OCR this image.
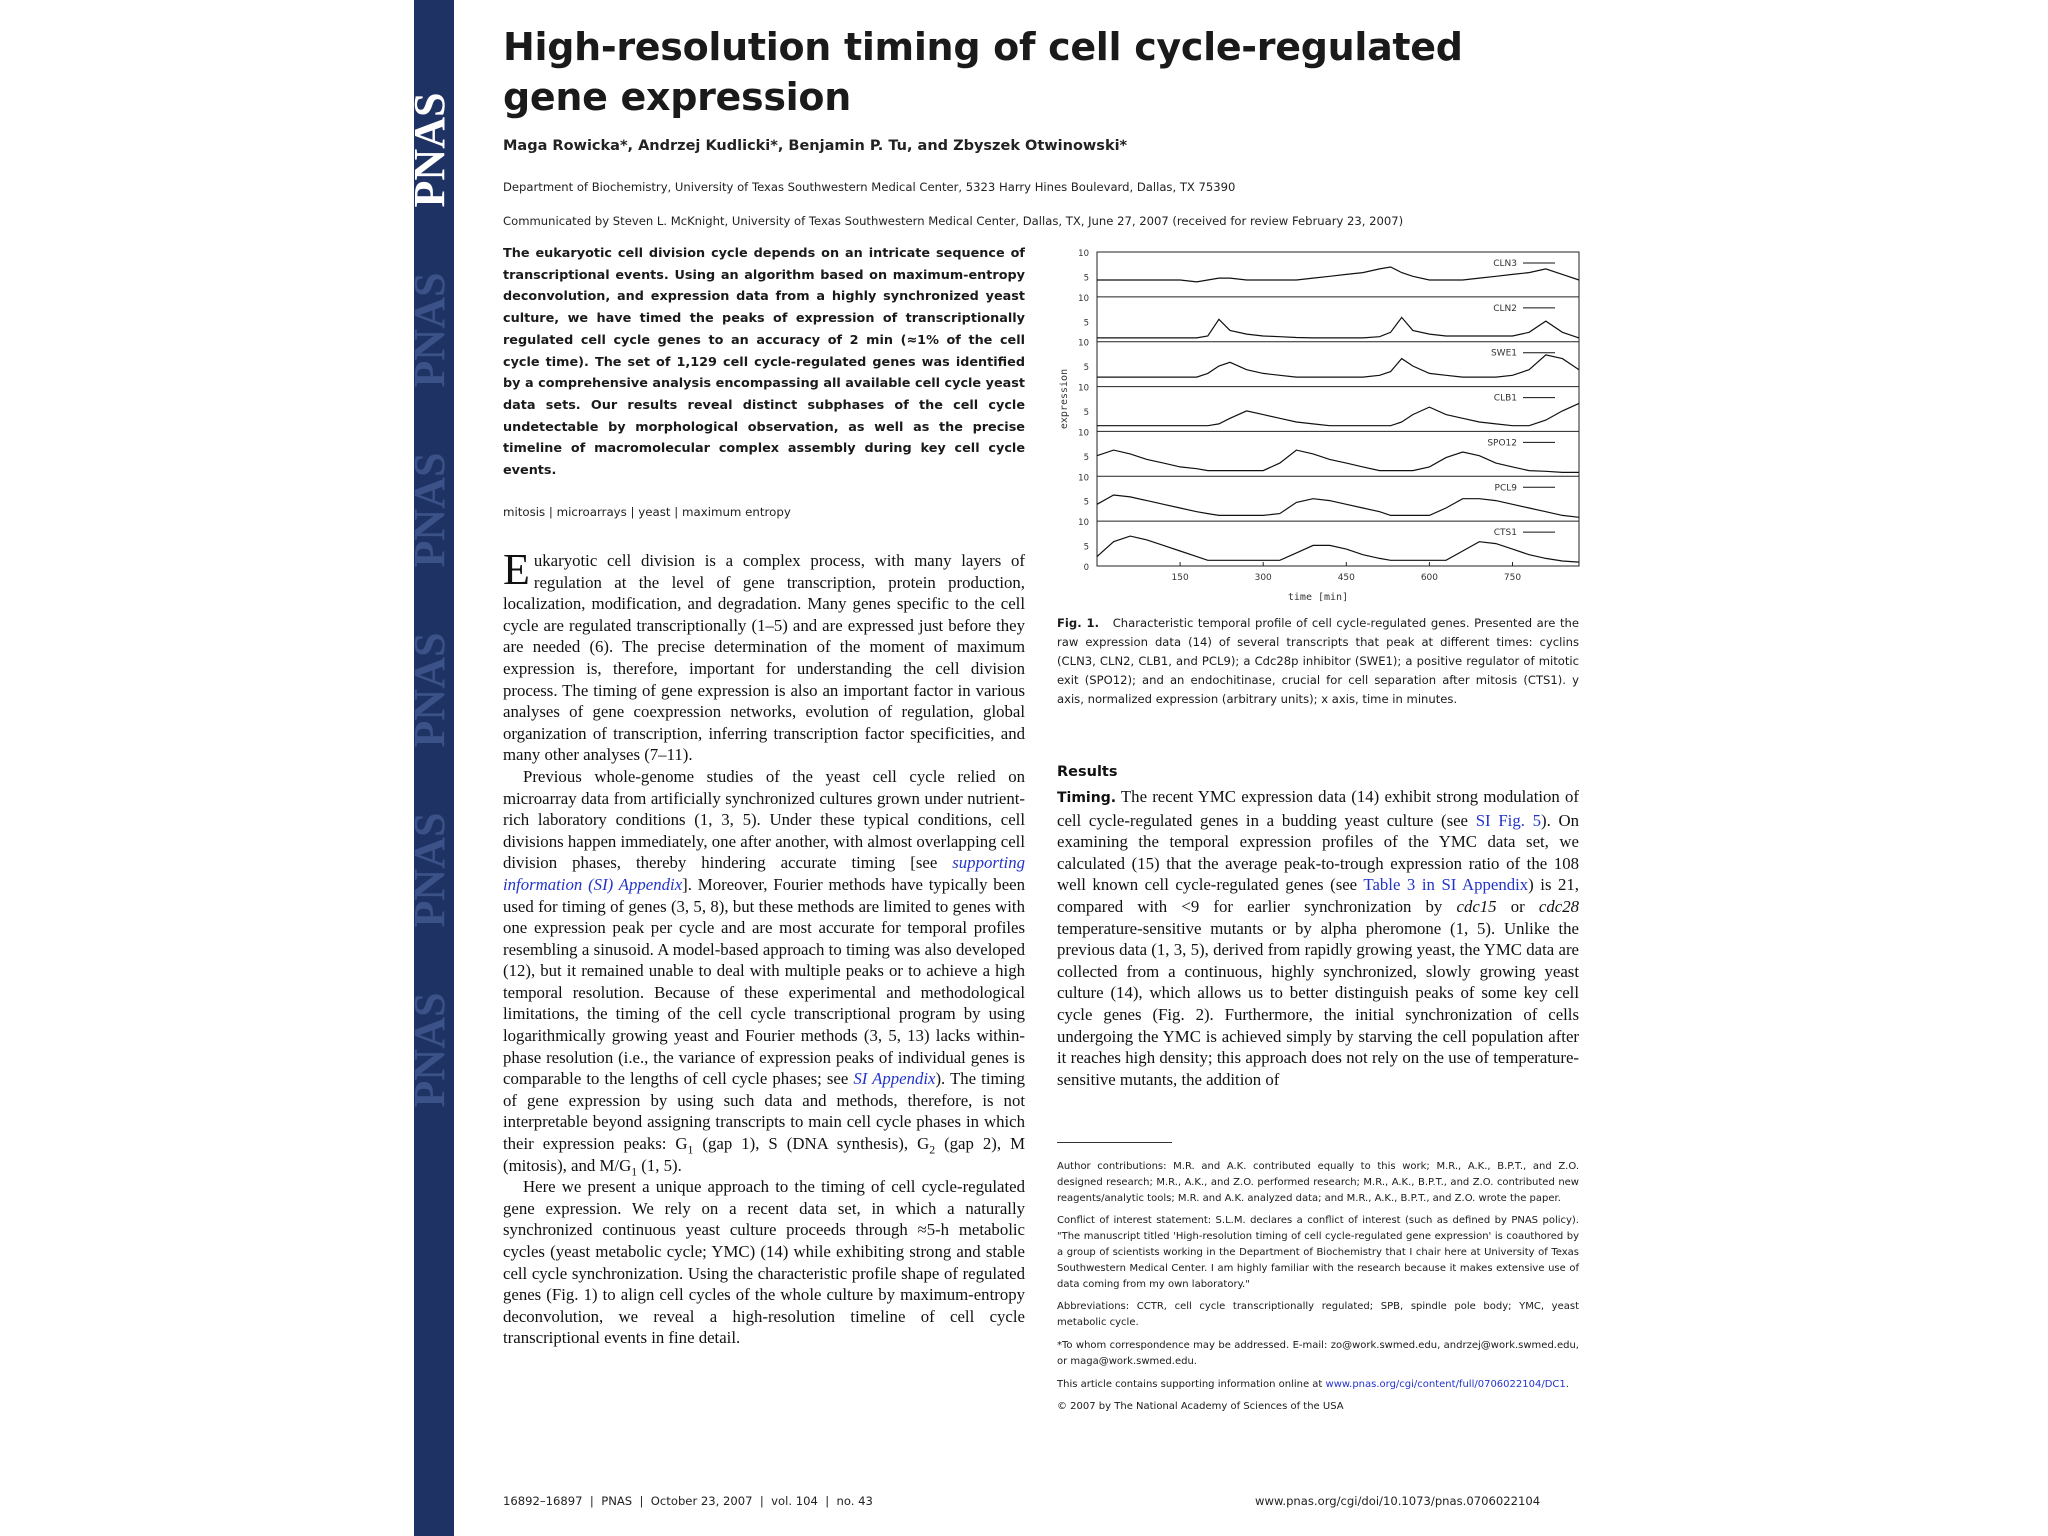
PNAS
PNAS
PNAS
PNAS
PNAS
PNAS
High-resolution timing of cell cycle-regulated
gene expression
Maga Rowicka*, Andrzej Kudlicki*, Benjamin P. Tu, and Zbyszek Otwinowski*
Department of Biochemistry, University of Texas Southwestern Medical Center, 5323 Harry Hines Boulevard, Dallas, TX 75390
Communicated by Steven L. McKnight, University of Texas Southwestern Medical Center, Dallas, TX, June 27, 2007 (received for review February 23, 2007)
The eukaryotic cell division cycle depends on an intricate sequence of transcriptional events. Using an algorithm based on maximum-entropy deconvolution, and expression data from a highly synchronized yeast culture, we have timed the peaks of expression of transcriptionally regulated cell cycle genes to an accuracy of 2 min (≈1% of the cell cycle time). The set of 1,129 cell cycle-regulated genes was identified by a comprehensive analysis encompassing all available cell cycle yeast data sets. Our results reveal distinct subphases of the cell cycle undetectable by morphological observation, as well as the precise timeline of macromolecular complex assembly during key cell cycle events.
mitosis | microarrays | yeast | maximum entropy

Eukaryotic cell division is a complex process, with many layers of regulation at the level of gene transcription, protein production, localization, modification, and degradation. Many genes specific to the cell cycle are regulated transcriptionally (1–5) and are expressed just before they are needed (6). The precise determination of the moment of maximum expression is, therefore, important for understanding the cell division process. The timing of gene expression is also an important factor in various analyses of gene coexpression networks, evolution of regulation, global organization of transcription, inferring transcription factor specificities, and many other analyses (7–11).

Previous whole-genome studies of the yeast cell cycle relied on microarray data from artificially synchronized cultures grown under nutrient-rich laboratory conditions (1, 3, 5). Under these typical conditions, cell divisions happen immediately, one after another, with almost overlapping cell division phases, thereby hindering accurate timing [see supporting information (SI) Appendix]. Moreover, Fourier methods have typically been used for timing of genes (3, 5, 8), but these methods are limited to genes with one expression peak per cycle and are most accurate for temporal profiles resembling a sinusoid. A model-based approach to timing was also developed (12), but it remained unable to deal with multiple peaks or to achieve a high temporal resolution. Because of these experimental and methodological limitations, the timing of the cell cycle transcriptional program by using logarithmically growing yeast and Fourier methods (3, 5, 13) lacks within-phase resolution (i.e., the variance of expression peaks of individual genes is comparable to the lengths of cell cycle phases; see SI Appendix). The timing of gene expression by using such data and methods, therefore, is not interpretable beyond assigning transcripts to main cell cycle phases in which their expression peaks: $G_1$ (gap 1), S (DNA synthesis), $G_2$ (gap 2), M (mitosis), and $M/G_1$ (1, 5).

Here we present a unique approach to the timing of cell cycle-regulated gene expression. We rely on a recent data set, in which a naturally synchronized continuous yeast culture proceeds through ≈5-h metabolic cycles (yeast metabolic cycle; YMC) (14) while exhibiting strong and stable cell cycle synchronization. Using the characteristic profile shape of regulated genes (Fig. 1) to align cell cycles of the whole culture by maximum-entropy deconvolution, we reveal a high-resolution timeline of cell cycle transcriptional events in fine detail.

CLN3
CLN2
SWE1
CLB1
SPO12
PCL9
CTS1
10
5
10
5
10
5
10
5
10
5
10
5
10
5
0
150	300	450	600	750
time [min]
expression
Fig. 1. Characteristic temporal profile of cell cycle-regulated genes. Presented are the raw expression data (14) of several transcripts that peak at different times: cyclins (CLN3, CLN2, CLB1, and PCL9); a Cdc28p inhibitor (SWE1); a positive regulator of mitotic exit (SPO12); and an endochitinase, crucial for cell separation after mitosis (CTS1). y axis, normalized expression (arbitrary units); x axis, time in minutes.
Results

Timing. The recent YMC expression data (14) exhibit strong modulation of cell cycle-regulated genes in a budding yeast culture (see SI Fig. 5). On examining the temporal expression profiles of the YMC data set, we calculated (15) that the average peak-to-trough expression ratio of the 108 well known cell cycle-regulated genes (see Table 3 in SI Appendix) is 21, compared with <9 for earlier synchronization by cdc15 or cdc28 temperature-sensitive mutants or by alpha pheromone (1, 5). Unlike the previous data (1, 3, 5), derived from rapidly growing yeast, the YMC data are collected from a continuous, highly synchronized, slowly growing yeast culture (14), which allows us to better distinguish peaks of some key cell cycle genes (Fig. 2). Furthermore, the initial synchronization of cells undergoing the YMC is achieved simply by starving the cell population after it reaches high density; this approach does not rely on the use of temperature-sensitive mutants, the addition of

Author contributions: M.R. and A.K. contributed equally to this work; M.R., A.K., B.P.T., and Z.O. designed research; M.R., A.K., and Z.O. performed research; M.R., A.K., B.P.T., and Z.O. contributed new reagents/analytic tools; M.R. and A.K. analyzed data; and M.R., A.K., B.P.T., and Z.O. wrote the paper.

Conflict of interest statement: S.L.M. declares a conflict of interest (such as defined by PNAS policy). "The manuscript titled 'High-resolution timing of cell cycle-regulated gene expression' is coauthored by a group of scientists working in the Department of Biochemistry that I chair here at University of Texas Southwestern Medical Center. I am highly familiar with the research because it makes extensive use of data coming from my own laboratory."

Abbreviations: CCTR, cell cycle transcriptionally regulated; SPB, spindle pole body; YMC, yeast metabolic cycle.

*To whom correspondence may be addressed. E-mail: zo@work.swmed.edu, andrzej@work.swmed.edu, or maga@work.swmed.edu.

This article contains supporting information online at www.pnas.org/cgi/content/full/0706022104/DC1.

© 2007 by The National Academy of Sciences of the USA

16892–16897  |  PNAS  |  October 23, 2007  |  vol. 104  |  no. 43	www.pnas.org/cgi/doi/10.1073/pnas.0706022104
